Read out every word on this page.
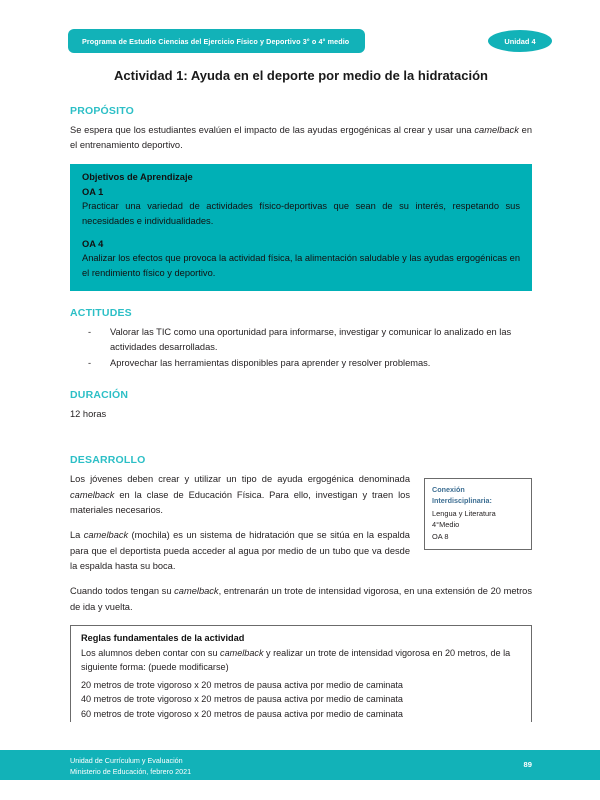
Programa de Estudio Ciencias del Ejercicio Físico y Deportivo 3° o 4° medio	Unidad 4
Actividad 1: Ayuda en el deporte por medio de la hidratación
PROPÓSITO

Se espera que los estudiantes evalúen el impacto de las ayudas ergogénicas al crear y usar una camelback en el entrenamiento deportivo.

Objetivos de Aprendizaje
OA 1
Practicar una variedad de actividades físico-deportivas que sean de su interés, respetando sus necesidades e individualidades.
OA 4
Analizar los efectos que provoca la actividad física, la alimentación saludable y las ayudas ergogénicas en el rendimiento físico y deportivo.
ACTITUDES
- Valorar las TIC como una oportunidad para informarse, investigar y comunicar lo analizado en las actividades desarrolladas.
- Aprovechar las herramientas disponibles para aprender y resolver problemas.
DURACIÓN

12 horas

DESARROLLO
Conexión Interdisciplinaria:
Lengua y Literatura
4°Medio
OA 8

Los jóvenes deben crear y utilizar un tipo de ayuda ergogénica denominada camelback en la clase de Educación Física. Para ello, investigan y traen los materiales necesarios.

La camelback (mochila) es un sistema de hidratación que se sitúa en la espalda para que el deportista pueda acceder al agua por medio de un tubo que va desde la espalda hasta su boca.

Cuando todos tengan su camelback, entrenarán un trote de intensidad vigorosa, en una extensión de 20 metros de ida y vuelta.

Reglas fundamentales de la actividad
Los alumnos deben contar con su camelback y realizar un trote de intensidad vigorosa en 20 metros, de la siguiente forma: (puede modificarse)
20 metros de trote vigoroso x 20 metros de pausa activa por medio de caminata
40 metros de trote vigoroso x 20 metros de pausa activa por medio de caminata
60 metros de trote vigoroso x 20 metros de pausa activa por medio de caminata
Unidad de Currículum y Evaluación
Ministerio de Educación, febrero 2021
89
